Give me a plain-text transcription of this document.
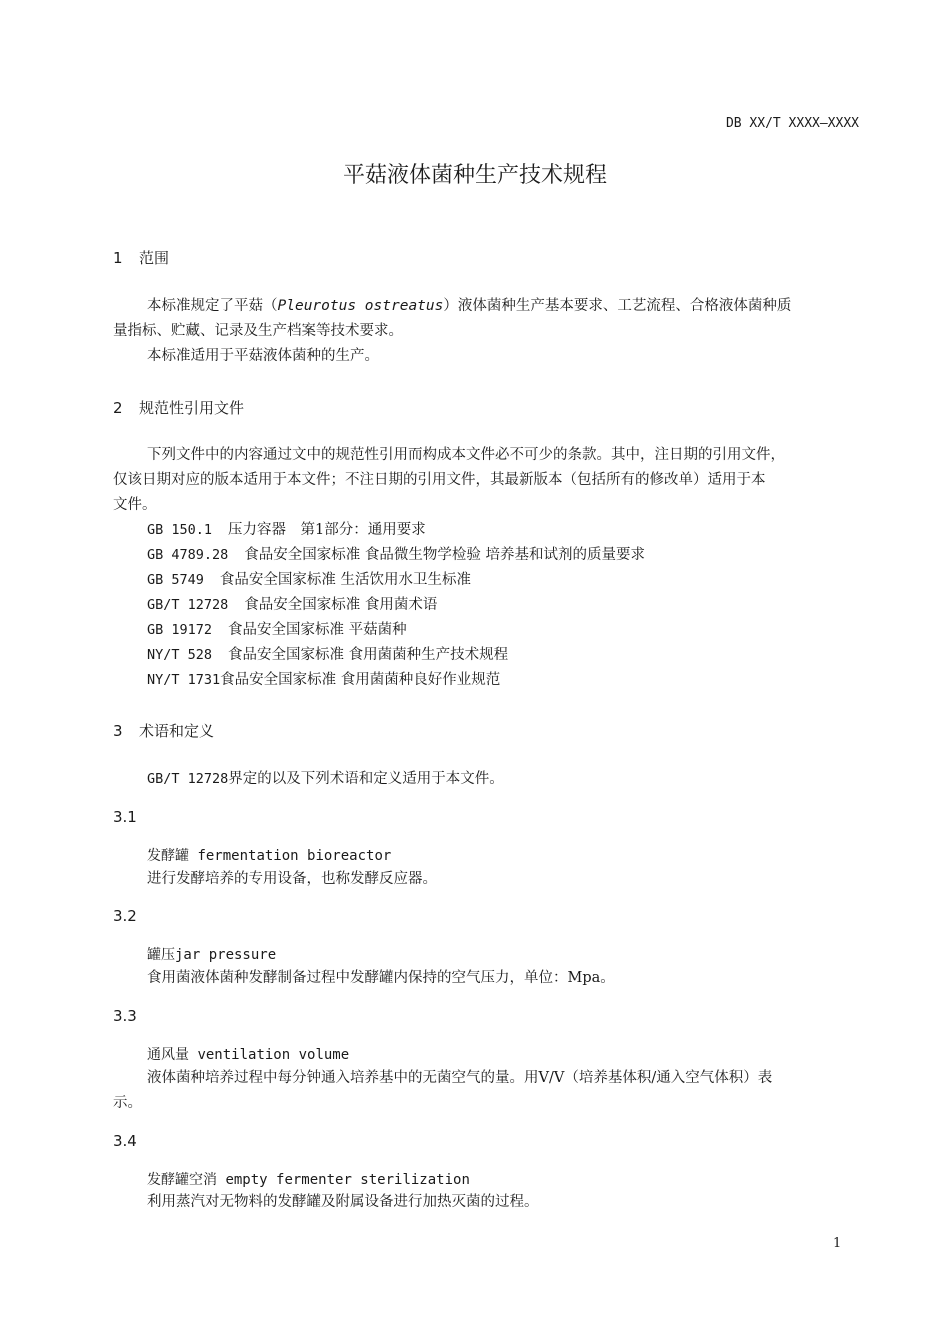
DB XX/T XXXX—XXXX
平菇液体菌种生产技术规程
1 范围
本标准规定了平菇（Pleurotus ostreatus）液体菌种生产基本要求、工艺流程、合格液体菌种质
量指标、贮藏、记录及生产档案等技术要求。
本标准适用于平菇液体菌种的生产。
2 规范性引用文件
下列文件中的内容通过文中的规范性引用而构成本文件必不可少的条款。其中，注日期的引用文件，
仅该日期对应的版本适用于本文件；不注日期的引用文件，其最新版本（包括所有的修改单）适用于本
文件。
GB 150.1 压力容器　第1部分：通用要求
GB 4789.28 食品安全国家标准 食品微生物学检验 培养基和试剂的质量要求
GB 5749 食品安全国家标准 生活饮用水卫生标准
GB/T 12728 食品安全国家标准 食用菌术语
GB 19172 食品安全国家标准 平菇菌种
NY/T 528 食品安全国家标准 食用菌菌种生产技术规程
NY/T 1731食品安全国家标准 食用菌菌种良好作业规范
3 术语和定义
GB/T 12728界定的以及下列术语和定义适用于本文件。
3.1
发酵罐 fermentation bioreactor
进行发酵培养的专用设备，也称发酵反应器。
3.2
罐压jar pressure
食用菌液体菌种发酵制备过程中发酵罐内保持的空气压力，单位：Mpa。
3.3
通风量 ventilation volume
液体菌种培养过程中每分钟通入培养基中的无菌空气的量。用V/V（培养基体积/通入空气体积）表
示。
3.4
发酵罐空消 empty fermenter sterilization
利用蒸汽对无物料的发酵罐及附属设备进行加热灭菌的过程。
1
